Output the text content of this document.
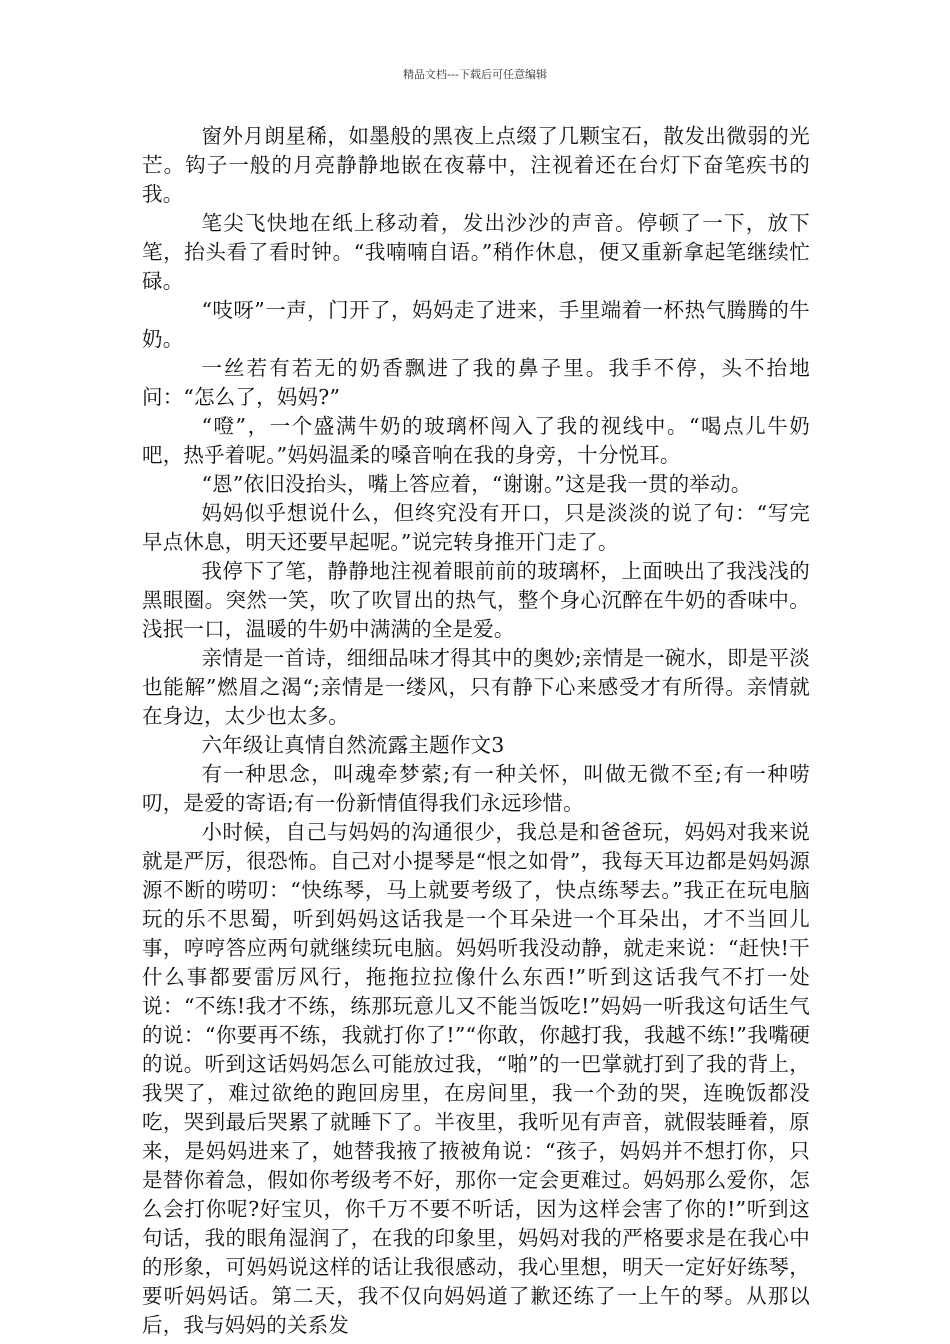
精品文档---下载后可任意编辑

窗外月朗星稀，如墨般的黑夜上点缀了几颗宝石，散发出微弱的光芒。钩子一般的月亮静静地嵌在夜幕中，注视着还在台灯下奋笔疾书的我。

笔尖飞快地在纸上移动着，发出沙沙的声音。停顿了一下，放下笔，抬头看了看时钟。“我喃喃自语。”稍作休息，便又重新拿起笔继续忙碌。

“吱呀”一声，门开了，妈妈走了进来，手里端着一杯热气腾腾的牛奶。

一丝若有若无的奶香飘进了我的鼻子里。我手不停，头不抬地问：“怎么了，妈妈?”

“噔”，一个盛满牛奶的玻璃杯闯入了我的视线中。“喝点儿牛奶吧，热乎着呢。”妈妈温柔的嗓音响在我的身旁，十分悦耳。

“恩”依旧没抬头，嘴上答应着，“谢谢。”这是我一贯的举动。

妈妈似乎想说什么，但终究没有开口，只是淡淡的说了句：“写完早点休息，明天还要早起呢。”说完转身推开门走了。

我停下了笔，静静地注视着眼前前的玻璃杯，上面映出了我浅浅的黑眼圈。突然一笑，吹了吹冒出的热气，整个身心沉醉在牛奶的香味中。浅抿一口，温暖的牛奶中满满的全是爱。

亲情是一首诗，细细品味才得其中的奥妙;亲情是一碗水，即是平淡也能解”燃眉之渴“;亲情是一缕风，只有静下心来感受才有所得。亲情就在身边，太少也太多。

六年级让真情自然流露主题作文3

有一种思念，叫魂牵梦萦;有一种关怀，叫做无微不至;有一种唠叨，是爱的寄语;有一份新情值得我们永远珍惜。

小时候，自己与妈妈的沟通很少，我总是和爸爸玩，妈妈对我来说就是严厉，很恐怖。自己对小提琴是“恨之如骨”，我每天耳边都是妈妈源源不断的唠叨：“快练琴，马上就要考级了，快点练琴去。”我正在玩电脑玩的乐不思蜀，听到妈妈这话我是一个耳朵进一个耳朵出，才不当回儿事，哼哼答应两句就继续玩电脑。妈妈听我没动静，就走来说：“赶快!干什么事都要雷厉风行，拖拖拉拉像什么东西!”听到这话我气不打一处说：“不练!我才不练，练那玩意儿又不能当饭吃!”妈妈一听我这句话生气的说：“你要再不练，我就打你了!”“你敢，你越打我，我越不练!”我嘴硬的说。听到这话妈妈怎么可能放过我，“啪”的一巴掌就打到了我的背上，我哭了，难过欲绝的跑回房里，在房间里，我一个劲的哭，连晚饭都没吃，哭到最后哭累了就睡下了。半夜里，我听见有声音，就假装睡着，原来，是妈妈进来了，她替我掖了掖被角说：“孩子，妈妈并不想打你，只是替你着急，假如你考级考不好，那你一定会更难过。妈妈那么爱你，怎么会打你呢?好宝贝，你千万不要不听话，因为这样会害了你的!”听到这句话，我的眼角湿润了，在我的印象里，妈妈对我的严格要求是在我心中的形象，可妈妈说这样的话让我很感动，我心里想，明天一定好好练琴，要听妈妈话。第二天，我不仅向妈妈道了歉还练了一上午的琴。从那以后，我与妈妈的关系发
